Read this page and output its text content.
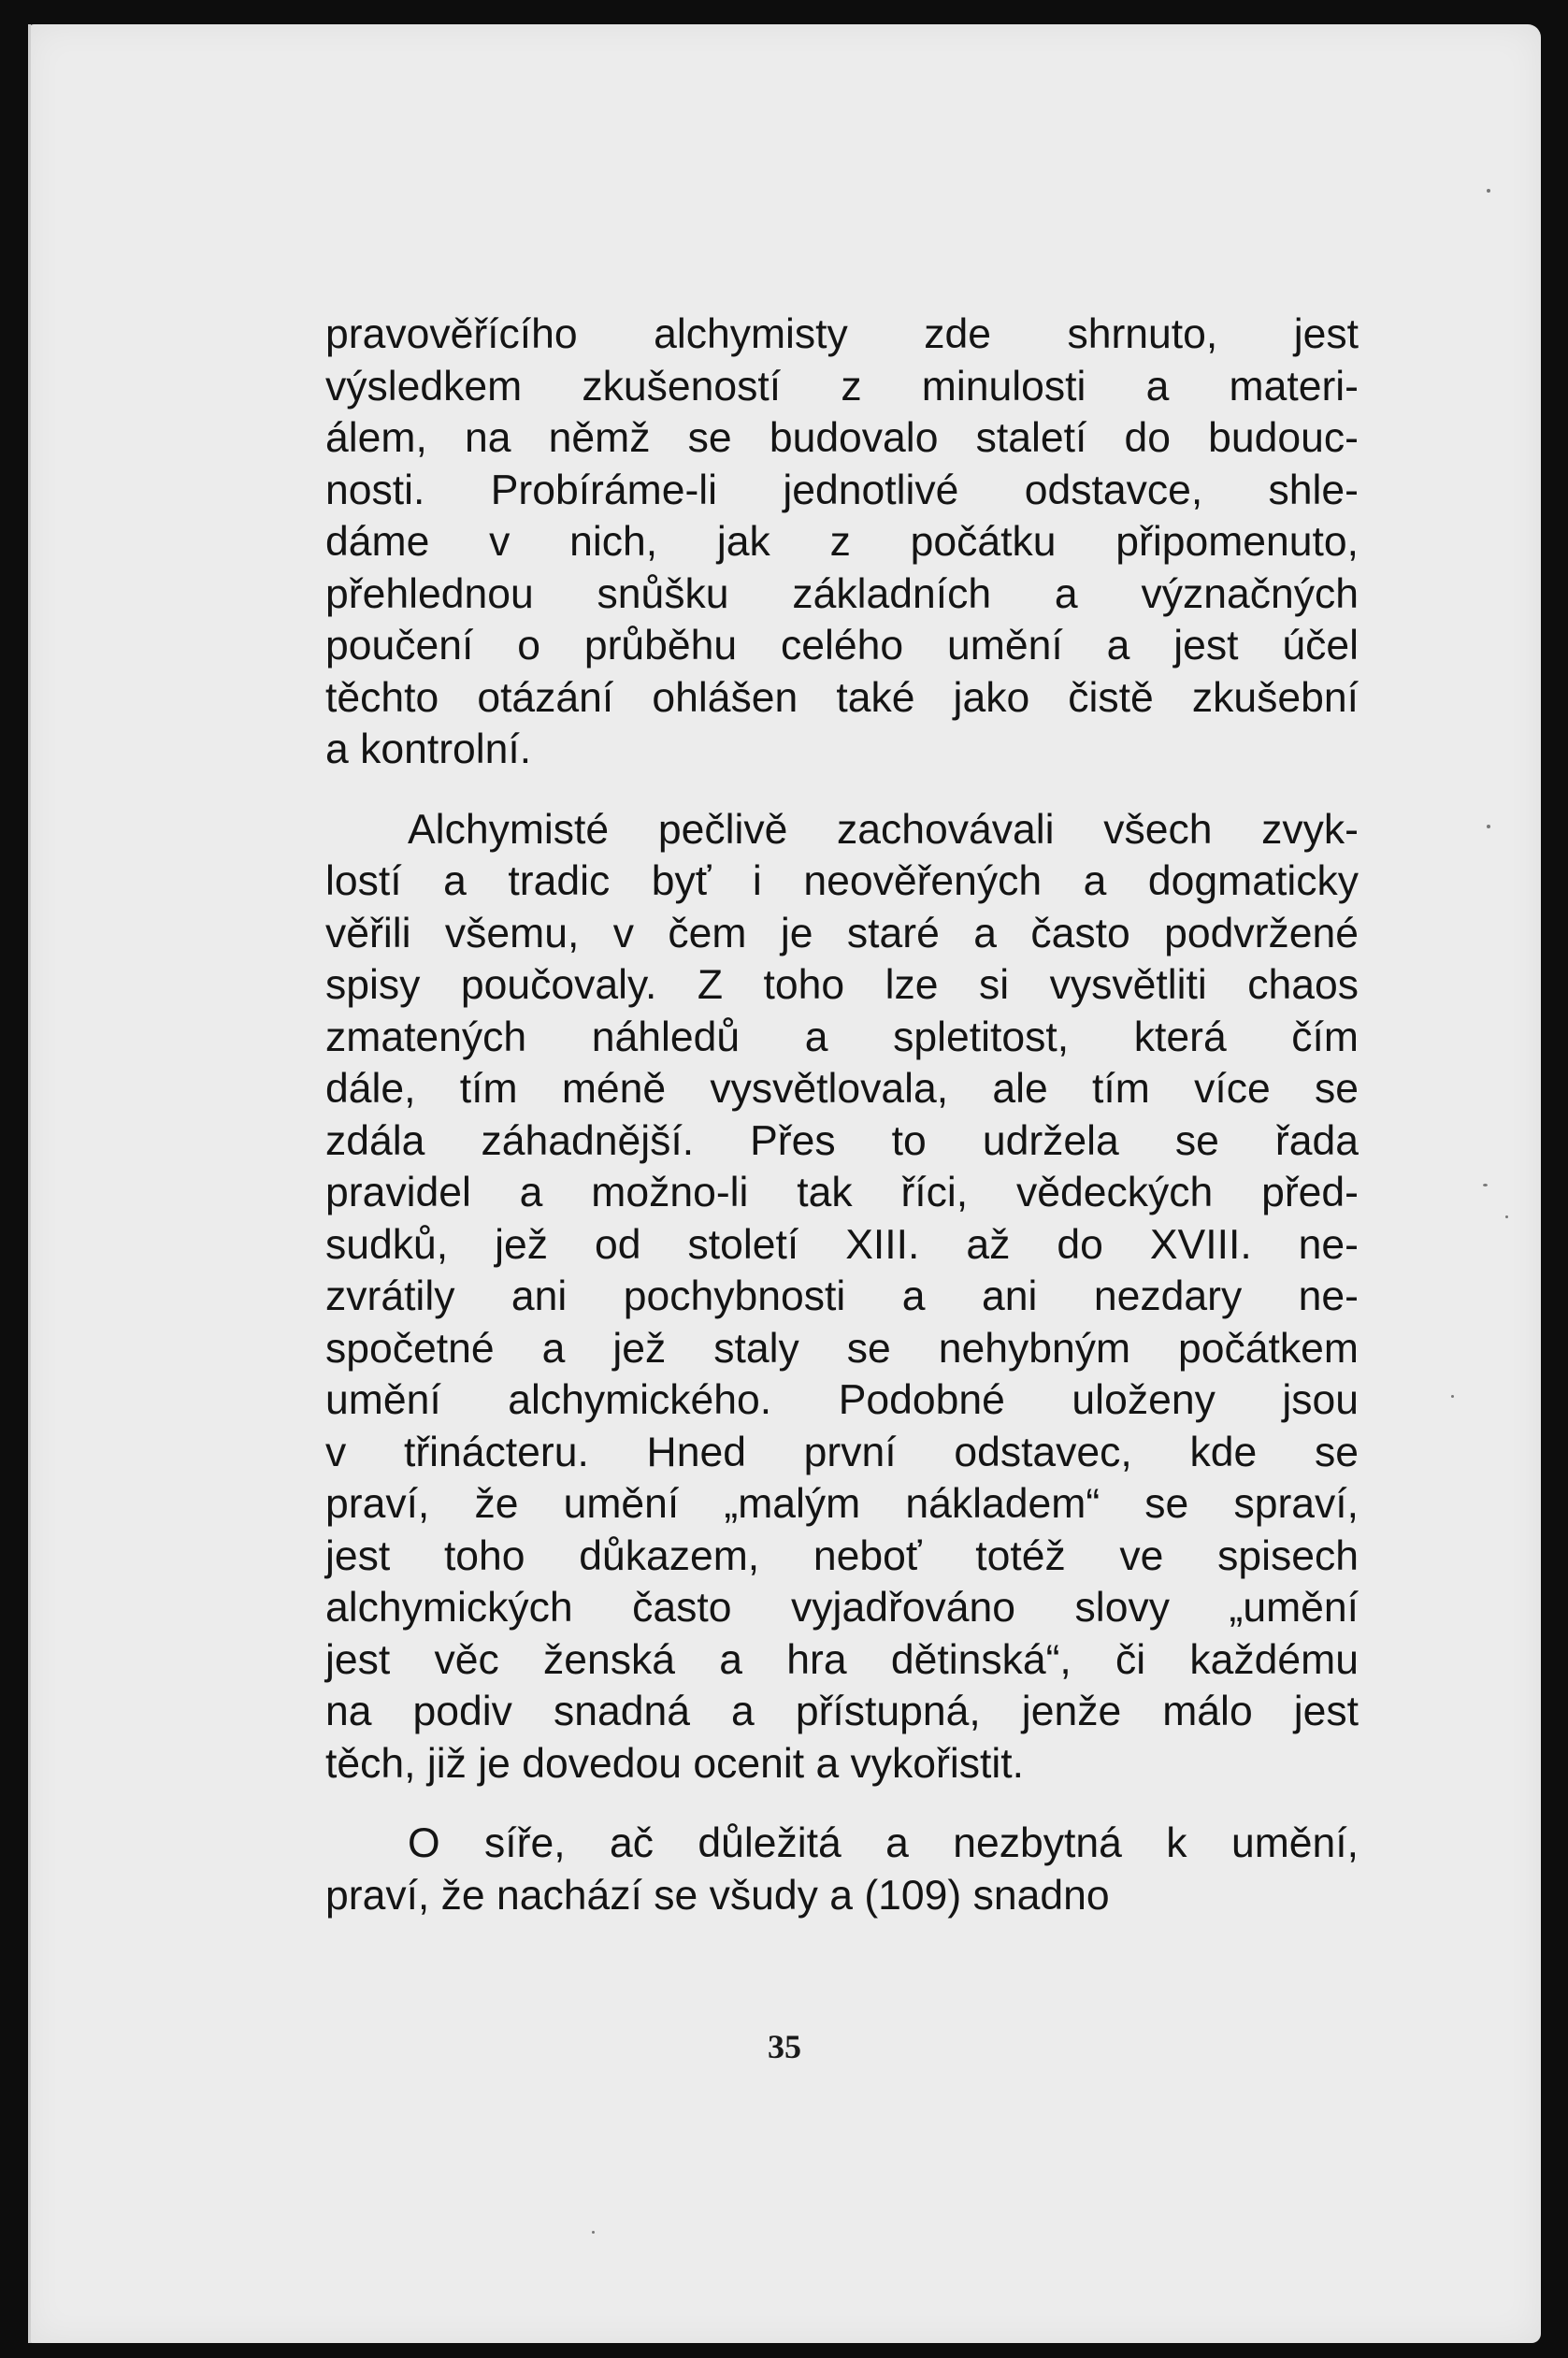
pravověřícího alchymisty zde shrnuto, jest
výsledkem zkušeností z minulosti a materi-
álem, na němž se budovalo staletí do budouc-
nosti. Probíráme-li jednotlivé odstavce, shle-
dáme v nich, jak z počátku připomenuto,
přehlednou snůšku základních a význačných
poučení o průběhu celého umění a jest účel
těchto otázání ohlášen také jako čistě zkušební
a kontrolní.
Alchymisté pečlivě zachovávali všech zvyk-
lostí a tradic byť i neověřených a dogmaticky
věřili všemu, v čem je staré a často podvržené
spisy poučovaly. Z toho lze si vysvětliti chaos
zmatených náhledů a spletitost, která čím
dále, tím méně vysvětlovala, ale tím více se
zdála záhadnější. Přes to udržela se řada
pravidel a možno-li tak říci, vědeckých před-
sudků, jež od století XIII. až do XVIII. ne-
zvrátily ani pochybnosti a ani nezdary ne-
spočetné a jež staly se nehybným počátkem
umění alchymického. Podobné uloženy jsou
v třinácteru. Hned první odstavec, kde se
praví, že umění „malým nákladem“ se spraví,
jest toho důkazem, neboť totéž ve spisech
alchymických často vyjadřováno slovy „umění
jest věc ženská a hra dětinská“, či každému
na podiv snadná a přístupná, jenže málo jest
těch, již je dovedou ocenit a vykořistit.
O síře, ač důležitá a nezbytná k umění,
praví, že nachází se všudy a (109) snadno
35
